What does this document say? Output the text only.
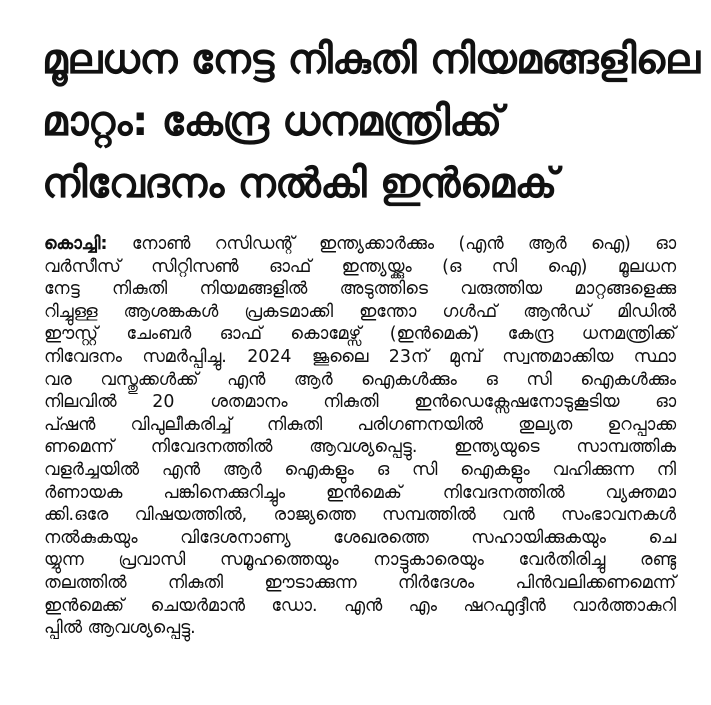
മൂലധന നേട്ട നികുതി നിയമങ്ങളിലെ
മാറ്റം: കേന്ദ്ര ധനമന്ത്രിക്ക്
നിവേദനം നൽകി ഇൻമെക്
കൊച്ചി: നോൺ റസിഡന്റ് ഇന്ത്യക്കാർക്കും (എൻ ആർ ഐ) ഓ
വർസീസ് സിറ്റിസൺ ഓഫ് ഇന്ത്യയ്ക്കും (ഒ സി ഐ) മൂലധന
നേട്ട നികുതി നിയമങ്ങളിൽ അടുത്തിടെ വരുത്തിയ മാറ്റങ്ങളെക്കു
റിച്ചുള്ള ആശങ്കകൾ പ്രകടമാക്കി ഇന്തോ ഗൾഫ് ആൻഡ് മിഡിൽ
ഈസ്റ്റ് ചേംബർ ഓഫ് കൊമേഴ്സ് (ഇൻമെക്) കേന്ദ്ര ധനമന്ത്രിക്ക്
നിവേദനം സമർപ്പിച്ചു. 2024 ജൂലൈ 23ന് മുമ്പ് സ്വന്തമാക്കിയ സ്ഥാ
വര വസ്തുക്കൾക്ക് എൻ ആർ ഐകൾക്കും ഒ സി ഐകൾക്കും
നിലവിൽ 20 ശതമാനം നികുതി ഇൻഡെക്സേഷനോടുകൂടിയ ഓ
പ്ഷൻ വിപുലീകരിച്ച് നികുതി പരിഗണനയിൽ തുല്യത ഉറപ്പാക്ക
ണമെന്ന് നിവേദനത്തിൽ ആവശ്യപ്പെട്ടു. ഇന്ത്യയുടെ സാമ്പത്തിക
വളർച്ചയിൽ എൻ ആർ ഐകളും ഒ സി ഐകളും വഹിക്കുന്ന നി
ർണായക പങ്കിനെക്കുറിച്ചും ഇൻമെക് നിവേദനത്തിൽ വ്യക്തമാ
ക്കി.ഒരേ വിഷയത്തിൽ, രാജ്യത്തെ സമ്പത്തിൽ വൻ സംഭാവനകൾ
നൽകുകയും വിദേശനാണ്യ ശേഖരത്തെ സഹായിക്കുകയും ചെ
യ്യുന്ന പ്രവാസി സമൂഹത്തെയും നാട്ടുകാരെയും വേർതിരിച്ചു രണ്ടു
തലത്തിൽ നികുതി ഈടാക്കുന്ന നിർദേശം പിൻവലിക്കണമെന്ന്
ഇൻമെക്ക് ചെയർമാൻ ഡോ. എൻ എം ഷറഫുദ്ദീൻ വാർത്താകുറി
പ്പിൽ ആവശ്യപ്പെട്ടു.
